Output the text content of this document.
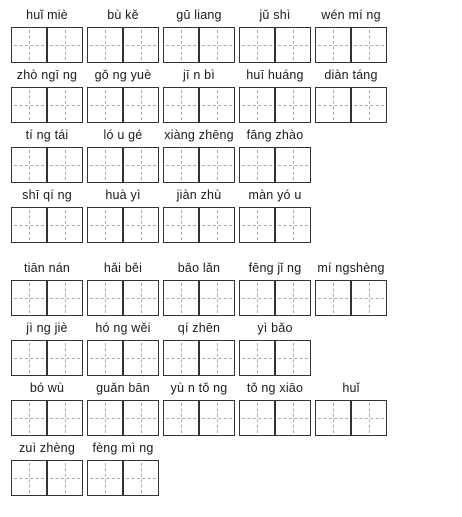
huǐ miè	bù kě	gū liang	jǔ shì	wén mí ng
zhò ngī ng	gǒ ng yuè	jī n bì	huī huáng	diàn táng
tí ng tái	ló u gé	xiàng zhēng	fāng zhào
shī qí ng	huà yì	jiàn zhù	màn yó u
tiān nán	hǎi běi	bǎo lǎn	fēng jǐ ng	mí ngshèng
jì ng jiè	hó ng wěi	qí zhēn	yì bǎo
bó wù	guǎn bān	yù n tǒ ng	tǒ ng xiāo	huǐ
zuì zhèng	fèng mì ng
